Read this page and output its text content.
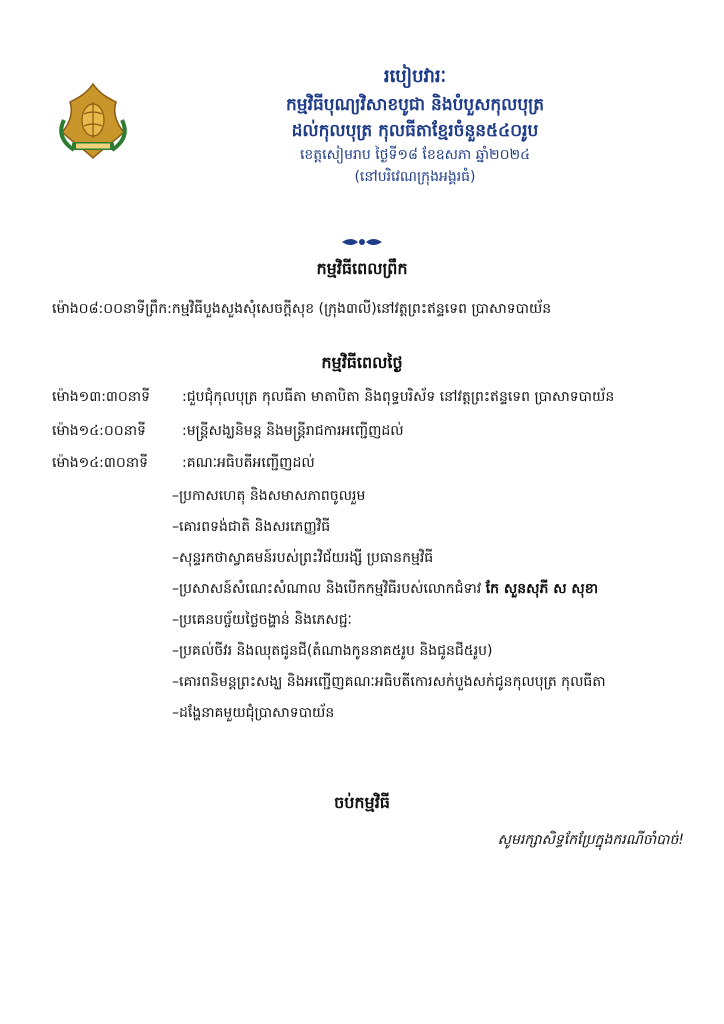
របៀបវារៈ
កម្មវិធីបុណ្យវិសាខបូជា និងបំបួសកុលបុត្រ
ដល់កុលបុត្រ កុលធីតាខ្មែរចំនួន៥៤០រូប
ខេត្តសៀមរាប ថ្ងៃទី១៨ ខែឧសភា ឆ្នាំ២០២៤
(នៅបរិវេណក្រុងអង្គរធំ)
កម្មវិធីពេលព្រឹក
ម៉ោង០៨:០០នាទីព្រឹក:កម្មវិធីបួងសួងសុំសេចក្តីសុខ (ក្រុង៣លី)នៅវត្តព្រះឥន្ទទេព ប្រាសាទបាយ័ន
កម្មវិធីពេលថ្ងៃ
ម៉ោង១៣:៣០នាទី :ជួបជុំកុលបុត្រ កុលធីតា មាតាបិតា និងពុទ្ធបរិស័ទ នៅវត្តព្រះឥន្ទទេព ប្រាសាទបាយ័ន
ម៉ោង១៤:០០នាទី	:មន្ត្រីសង្ឃនិមន្ត និងមន្ត្រីរាជការអញ្ជើញដល់
ម៉ោង១៤:៣០នាទី :គណៈអធិបតីអញ្ជើញដល់
–ប្រកាសហេតុ និងសមាសភាពចូលរួម
–គោរពទង់ជាតិ និងសរភេញ្ញវិធី
–សុន្ទរកថាស្វាគមន៍របស់ព្រះវិជ័យរង្សី ប្រធានកម្មវិធី
–ប្រសាសន៍សំណេះសំណាល និងបើកកម្មវិធីរបស់លោកជំទាវ កែ សួនសុភី ស សុខា
–ប្រគេនបច្ច័យថ្លៃចង្ហាន់ និងភេសជ្ជៈ
–ប្រគល់ចីវរ និងឈុតជូនជី(តំណាងកូននាគ៥រូប និងជូនជី៥រូប)
–គោរពនិមន្តព្រះសង្ឃ និងអញ្ជើញគណៈអធិបតីកោរសក់បួងសក់ជូនកុលបុត្រ កុលធីតា
–ដង្ហែនាគមួយជុំប្រាសាទបាយ័ន
ចប់កម្មវិធី
សូមរក្សាសិទ្ធកែប្រែក្នុងករណីចាំបាច់!
